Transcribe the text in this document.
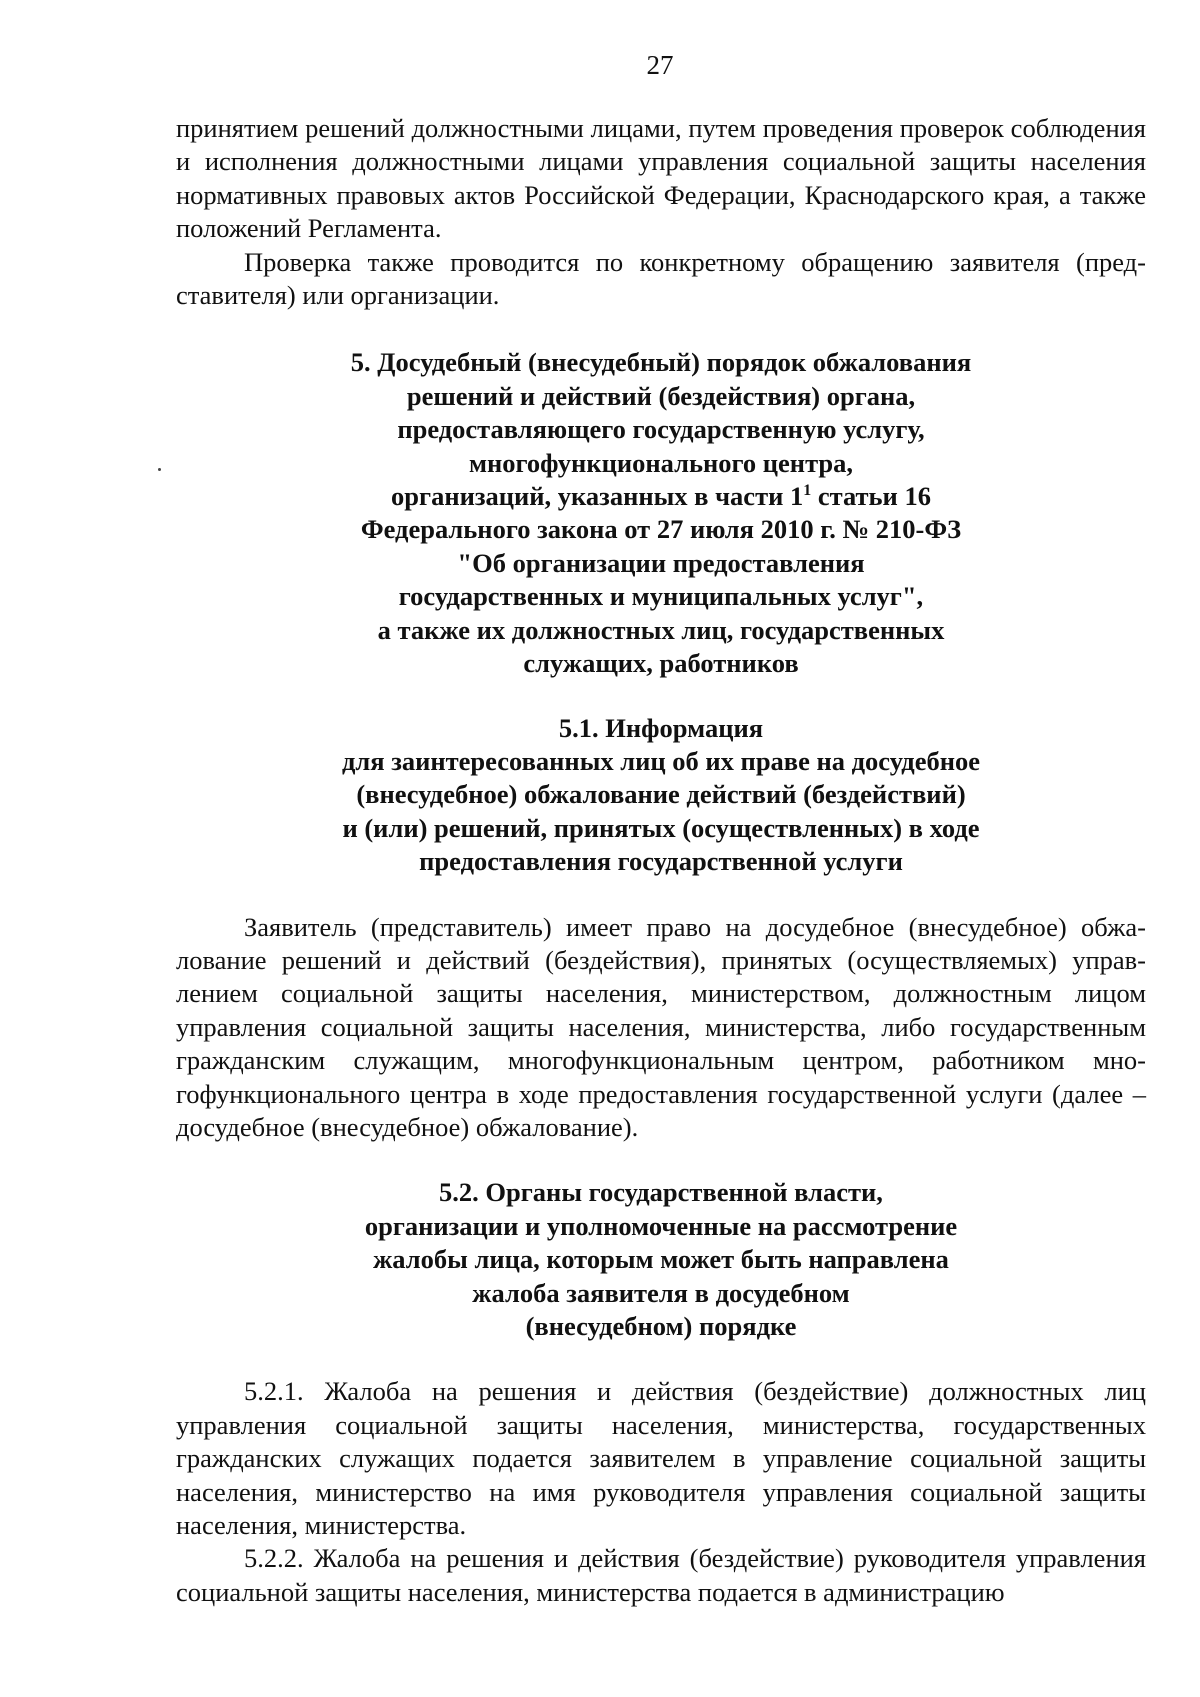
27

принятием решений должностными лицами, путем проведения проверок соблюдения и исполнения должностными лицами управления социальной защиты населения нормативных правовых актов Российской Федерации, Краснодарского края, а также положений Регламента.

Проверка также проводится по конкретному обращению заявителя (представителя) или организации.

5. Досудебный (внесудебный) порядок обжалования
решений и действий (бездействия) органа,
предоставляющего государственную услугу,
многофункционального центра,
организаций, указанных в части $1^1$ статьи 16
Федерального закона от 27 июля 2010 г. № 210-ФЗ
"Об организации предоставления
государственных и муниципальных услуг",
а также их должностных лиц, государственных
служащих, работников
5.1. Информация
для заинтересованных лиц об их праве на досудебное
(внесудебное) обжалование действий (бездействий)
и (или) решений, принятых (осуществленных) в ходе
предоставления государственной услуги

Заявитель (представитель) имеет право на досудебное (внесудебное) обжалование решений и действий (бездействия), принятых (осуществляемых) управлением социальной защиты населения, министерством, должностным лицом управления социальной защиты населения, министерства, либо государственным гражданским служащим, многофункциональным центром, работником многофункционального центра в ходе предоставления государственной услуги (далее – досудебное (внесудебное) обжалование).

5.2. Органы государственной власти,
организации и уполномоченные на рассмотрение
жалобы лица, которым может быть направлена
жалоба заявителя в досудебном
(внесудебном) порядке

5.2.1. Жалоба на решения и действия (бездействие) должностных лиц управления социальной защиты населения, министерства, государственных гражданских служащих подается заявителем в управление социальной защиты населения, министерство на имя руководителя управления социальной защиты населения, министерства.

5.2.2. Жалоба на решения и действия (бездействие) руководителя управления социальной защиты населения, министерства подается в администрацию
